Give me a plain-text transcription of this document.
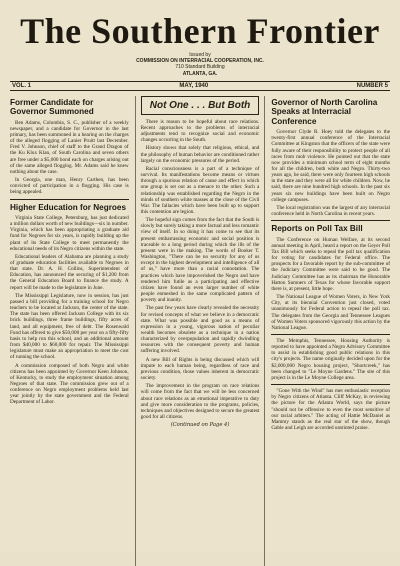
The Southern Frontier
Issued by
COMMISSION ON INTERRACIAL COOPERATION, INC.
710 Standard Building
ATLANTA, GA.
VOL. 1	MAY, 1940	NUMBER 5
Former Candidate for Governor Summoned

Ben Adams, Columbia, S. C., publisher of a weekly newspaper, and a candidate for Governor in the last primary, has been summoned in a hearing on the charges of the alleged flogging of Lanier Pruitt last December. Fred V. Johnson, chief of staff to the Grand Dragon of the Ku Klux Klan, of South Carolina and seven others are free under a $5,000 bond each on charges arising out of the same alleged flogging. Mr. Adams said he knew nothing about the case.

In Georgia, one man, Henry Carthen, has been convicted of participation in a flogging. His case is being appealed.

Higher Education for Negroes

Virginia State College, Petersburg, has just dedicated a million dollars worth of new buildings—six in number. Virginia, which has been appropriating a graduate aid fund for Negroes for six years, is rapidly building up the plant of its State College to meet permanently the educational needs of its Negro citizens within the state.

Educational leaders of Alabama are planning a study of graduate education facilities available to Negroes in that state. Dr. A. H. Collins, Superintendent of Education, has announced the securing of $1,200 from the General Education Board to finance the study. A report will be made to the legislature in June.

The Mississippi Legislature, now in session, has just passed a bill providing for a training school for Negro teachers to be located at Jackson, the center of the state. The state has been offered Jackson College with its six brick buildings, three frame buildings, fifty acres of land, and all equipment, free of debt. The Rosenwald Fund has offered to give $50,000 per year on a fifty-fifty basis to help run this school, and an additional amount from $40,000 to $60,000 for repair. The Mississippi legislature must make an appropriation to meet the cost of running the school.

A commission composed of both Negro and white citizens has been appointed by Governor Keen Johnson, of Kentucky, to study the employment situation among Negroes of that state. The commission grew out of a conference on Negro employment problems held last year jointly by the state government and the Federal Department of Labor.

Not One . . . But Both

There is reason to be hopeful about race relations. Recent approaches to the problems of interracial adjustments tend to recognize social and economic changes occurring in the South.

History shows that solely that religious, ethical, and the philosophy of human behavior are conditioned rather largely on the economic pressures of the period.

Racial consciousness is a part of a technique of survival. Its manifestations become means or virtues through a spurious relation of cause and effect in which one group is set out as a menace to the other. Such a relationship was established regarding the Negro in the minds of southern white masses at the close of the Civil War. The fallacies which have been built up to support this contention are legion.

The hopeful sign comes from the fact that the South is slowly but surely taking a more factual and less romantic view of itself. In so doing it has come to see that its present embarrassing economic and social position is traceable to a long period during which the ills of the present were in the making. The words of Booker T. Washington, "There can be no security for any of us except in the highest development and intelligence of all of us," have more than a racial connotation. The practices which have impoverished the Negro and have rendered him futile as a participating and effective citizen have found an even larger number of white people enmeshed in the same complicated pattern of poverty and inanity.

The past few years have clearly revealed the necessity for revised concepts of what we believe in a democratic state. What was possible and good as a means of expression in a young, vigorous nation of peculiar wealth becomes obsolete as a technique in a nation characterized by overpopulation and rapidly dwindling resources with the consequent poverty and human suffering involved.

A new Bill of Rights is being discussed which will impute to each human being, regardless of race and previous condition, those values inherent in democratic society.

The improvement in the program on race relations will come from the fact that we will be less concerned about race relations as an emotional imperative to duty and give more consideration to the programs, policies, techniques and objectives designed to secure the greatest good for all citizens.

(Continued on Page 4)
Governor of North Carolina Speaks at Interracial Conference

Governor Clyde R. Hoey told the delegates to the twenty-first annual conference of the Interracial Committee at Kingston that the officers of the state were fully aware of their responsibility to protect people of all races from mob violence. He pointed out that the state now provides a minimum school term of eight months for all the children, both white and Negro. Thirty-two years ago, he said, there were only fourteen high schools in the state and they were all for white children. Now, he said, there are nine hundred high schools. In the past six years six new buildings have been built on Negro college campuses.

The local registration was the largest of any interracial conference held in North Carolina in recent years.

Reports on Poll Tax Bill

The Conference on Human Welfare, at its second annual meeting in April, heard a report on the Geyer Poll Tax Bill which seeks to repeal the poll tax qualification for voting for candidates for Federal office. The prospects for a favorable report by the sub-committee of the Judiciary Committee were said to be good. The Judiciary Committee has as its chairman the Honorable Hatton Sumners of Texas for whose favorable support there is, at present, little hope.

The National League of Women Voters, in New York City, at its biennial Convention just closed, voted unanimously for Federal action to repeal the poll tax. The delegates from the Georgia and Tennessee Leagues of Women Voters sponsored vigorously this action by the National League.

The Memphis, Tennessee, Housing Authority is reported to have appointed a Negro Advisory Committee to assist in establishing good public relations in this city's projects. The name originally decided upon for the $2,000,000 Negro housing project, "Shortcreek," has been changed to "Le Moyne Gardens." The site of this project is in the Le Moyne College area.

"Gone With the Wind" has met enthusiastic reception by Negro citizens of Atlanta. Cliff McKay, in reviewing the picture for the Atlanta World, says the picture "should not be offensive to even the most sensitive of our racial arbiters." The acting of Hattie McDaniel as Mammy stands as the real star of the show, though Gable and Leigh are accorded unstinted praise.
